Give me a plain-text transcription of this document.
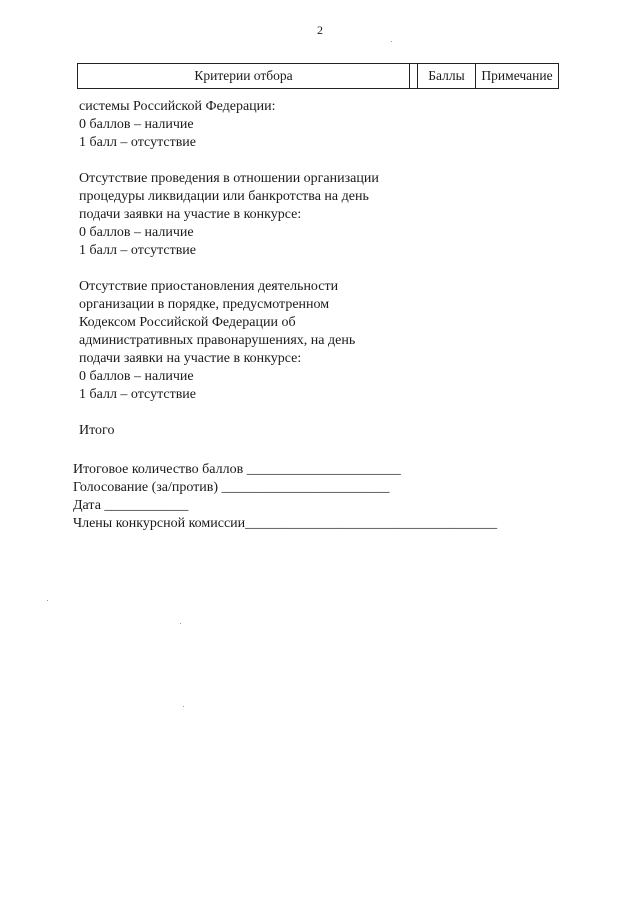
2
Критерии отбора		Баллы	Примечание
системы Российской Федерации:
0 баллов – наличие
1 балл – отсутствие
Отсутствие проведения в отношении организации
процедуры ликвидации или банкротства на день
подачи заявки на участие в конкурсе:
0 баллов – наличие
1 балл – отсутствие
Отсутствие приостановления деятельности
организации в порядке, предусмотренном
Кодексом Российской Федерации об
административных правонарушениях, на день
подачи заявки на участие в конкурсе:
0 баллов – наличие
1 балл – отсутствие
Итого
Итоговое количество баллов ______________________
Голосование (за/против) ________________________
Дата ____________
Члены конкурсной комиссии____________________________________
